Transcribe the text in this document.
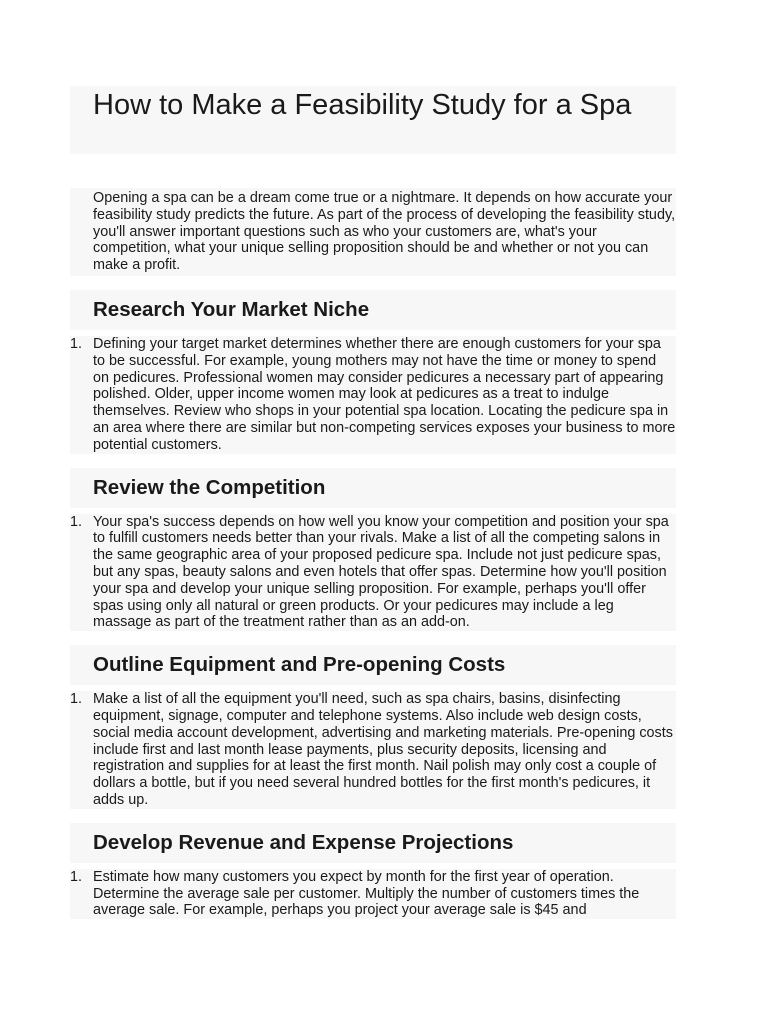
How to Make a Feasibility Study for a Spa

Opening a spa can be a dream come true or a nightmare. It depends on how accurate your feasibility study predicts the future. As part of the process of developing the feasibility study, you'll answer important questions such as who your customers are, what's your competition, what your unique selling proposition should be and whether or not you can make a profit.

Research Your Market Niche
1. Defining your target market determines whether there are enough customers for your spa to be successful. For example, young mothers may not have the time or money to spend on pedicures. Professional women may consider pedicures a necessary part of appearing polished. Older, upper income women may look at pedicures as a treat to indulge themselves. Review who shops in your potential spa location. Locating the pedicure spa in an area where there are similar but non-competing services exposes your business to more potential customers.

Review the Competition
1. Your spa's success depends on how well you know your competition and position your spa to fulfill customers needs better than your rivals. Make a list of all the competing salons in the same geographic area of your proposed pedicure spa. Include not just pedicure spas, but any spas, beauty salons and even hotels that offer spas. Determine how you'll position your spa and develop your unique selling proposition. For example, perhaps you'll offer spas using only all natural or green products. Or your pedicures may include a leg massage as part of the treatment rather than as an add-on.

Outline Equipment and Pre-opening Costs
1. Make a list of all the equipment you'll need, such as spa chairs, basins, disinfecting equipment, signage, computer and telephone systems. Also include web design costs, social media account development, advertising and marketing materials. Pre-opening costs include first and last month lease payments, plus security deposits, licensing and registration and supplies for at least the first month. Nail polish may only cost a couple of dollars a bottle, but if you need several hundred bottles for the first month's pedicures, it adds up.

Develop Revenue and Expense Projections
1. Estimate how many customers you expect by month for the first year of operation. Determine the average sale per customer. Multiply the number of customers times the average sale. For example, perhaps you project your average sale is $45 and
